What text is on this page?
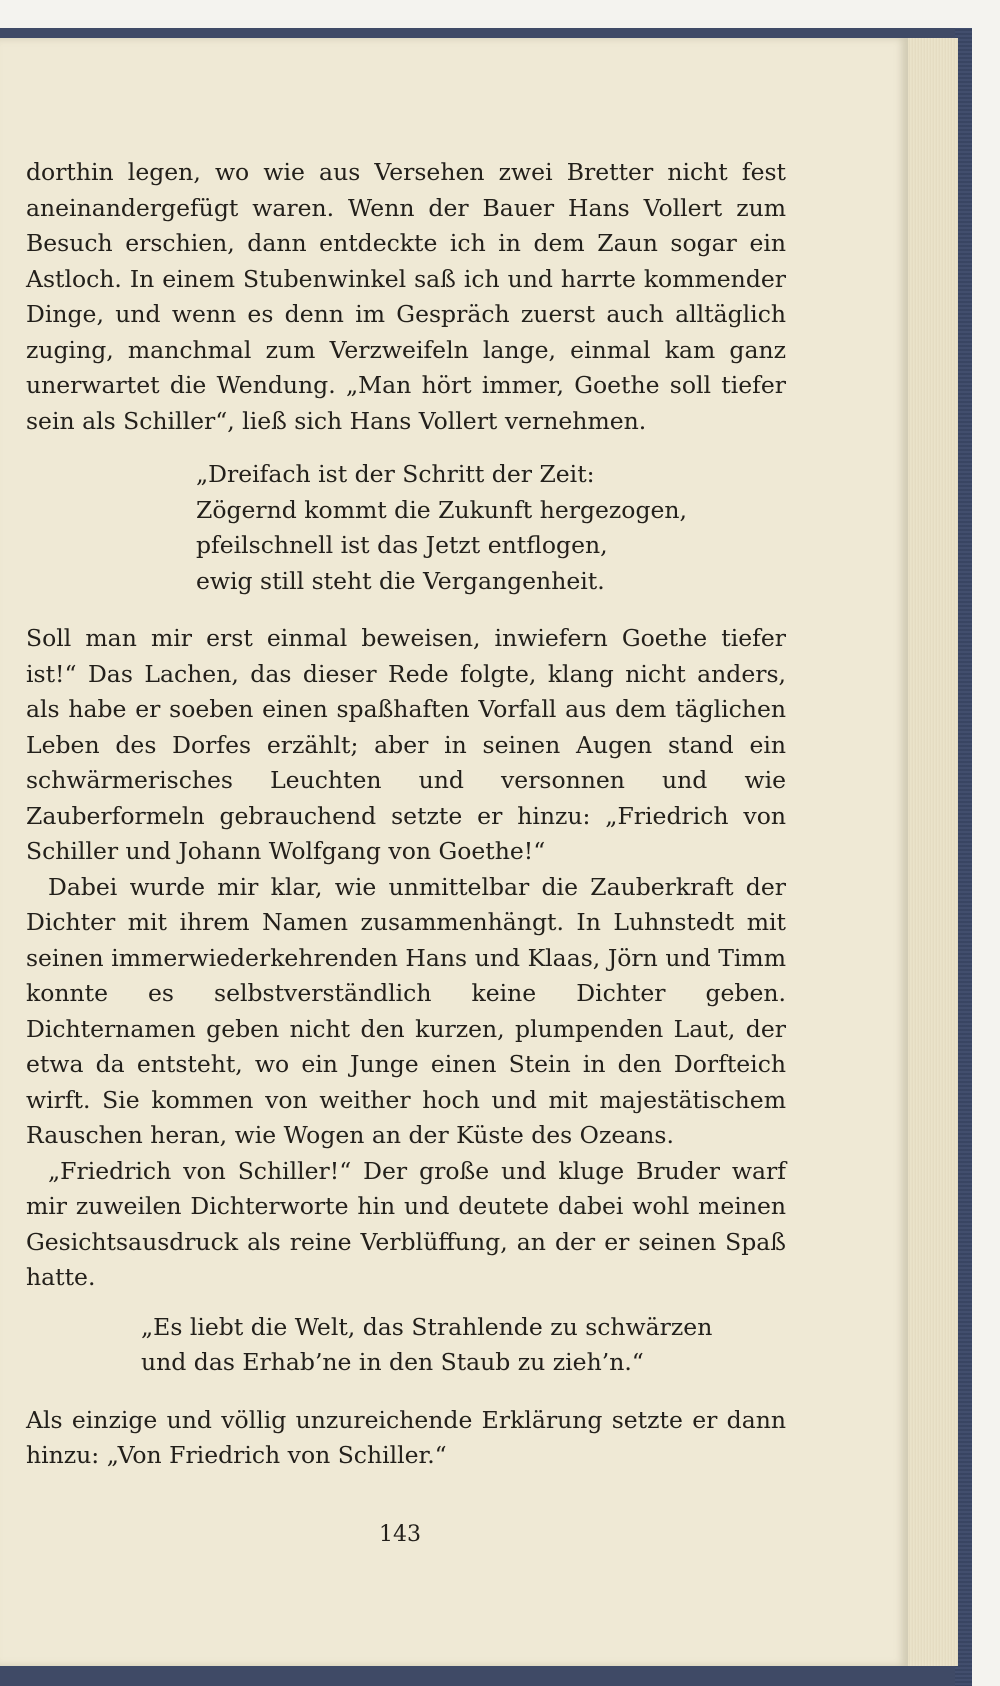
dorthin legen, wo wie aus Versehen zwei Bretter nicht fest aneinandergefügt waren. Wenn der Bauer Hans Vollert zum Besuch erschien, dann entdeckte ich in dem Zaun sogar ein Astloch. In einem Stubenwinkel saß ich und harrte kommender Dinge, und wenn es denn im Gespräch zuerst auch alltäglich zuging, manchmal zum Verzweifeln lange, einmal kam ganz unerwartet die Wendung. „Man hört immer, Goethe soll tiefer sein als Schiller“, ließ sich Hans Vollert vernehmen.

„Dreifach ist der Schritt der Zeit:
Zögernd kommt die Zukunft hergezogen,
pfeilschnell ist das Jetzt entflogen,
ewig still steht die Vergangenheit.

Soll man mir erst einmal beweisen, inwiefern Goethe tiefer ist!“ Das Lachen, das dieser Rede folgte, klang nicht anders, als habe er soeben einen spaßhaften Vorfall aus dem täglichen Leben des Dorfes erzählt; aber in seinen Augen stand ein schwärmerisches Leuchten und versonnen und wie Zauberformeln gebrauchend setzte er hinzu: „Friedrich von Schiller und Johann Wolfgang von Goethe!“

Dabei wurde mir klar, wie unmittelbar die Zauberkraft der Dichter mit ihrem Namen zusammenhängt. In Luhnstedt mit seinen immerwiederkehrenden Hans und Klaas, Jörn und Timm konnte es selbstverständlich keine Dichter geben. Dichternamen geben nicht den kurzen, plumpenden Laut, der etwa da entsteht, wo ein Junge einen Stein in den Dorfteich wirft. Sie kommen von weither hoch und mit majestätischem Rauschen heran, wie Wogen an der Küste des Ozeans.

„Friedrich von Schiller!“ Der große und kluge Bruder warf mir zuweilen Dichterworte hin und deutete dabei wohl meinen Gesichtsausdruck als reine Verblüffung, an der er seinen Spaß hatte.

„Es liebt die Welt, das Strahlende zu schwärzen
und das Erhab’ne in den Staub zu zieh’n.“

Als einzige und völlig unzureichende Erklärung setzte er dann hinzu: „Von Friedrich von Schiller.“

143
